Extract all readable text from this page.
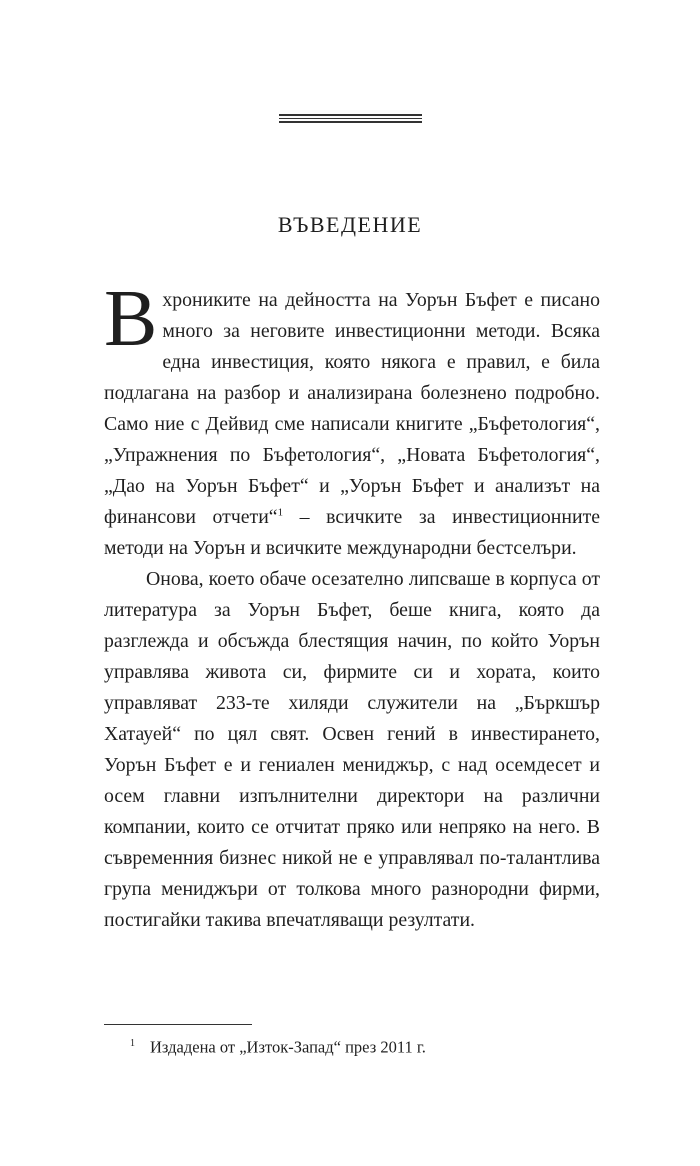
ВЪВЕДЕНИЕ

Вхрониките на дейността на Уорън Бъфет е писано много за неговите инвестиционни методи. Всяка една инвестиция, която някога е правил, е била подлагана на разбор и анализирана болезнено подробно. Само ние с Дейвид сме написали книгите „Бъфетология“, „Упражнения по Бъфетология“, „Новата Бъфетология“, „Дао на Уорън Бъфет“ и „Уорън Бъфет и анализът на финансови отчети“$^1$ – всичките за инвестиционните методи на Уорън и всичките международни бестселъри.

Онова, което обаче осезателно липсваше в корпуса от литература за Уорън Бъфет, беше книга, която да разглежда и обсъжда блестящия начин, по който Уорън управлява живота си, фирмите си и хората, които управляват 233-те хиляди служители на „Бъркшър Хатауей“ по цял свят. Освен гений в инвестирането, Уорън Бъфет е и гениален мениджър, с над осемдесет и осем главни изпълнителни директори на различни компании, които се отчитат пряко или непряко на него. В съвременния бизнес никой не е управлявал по-талантлива група мениджъри от толкова много разнородни фирми, постигайки такива впечатляващи резултати.

1 Издадена от „Изток-Запад“ през 2011 г.
